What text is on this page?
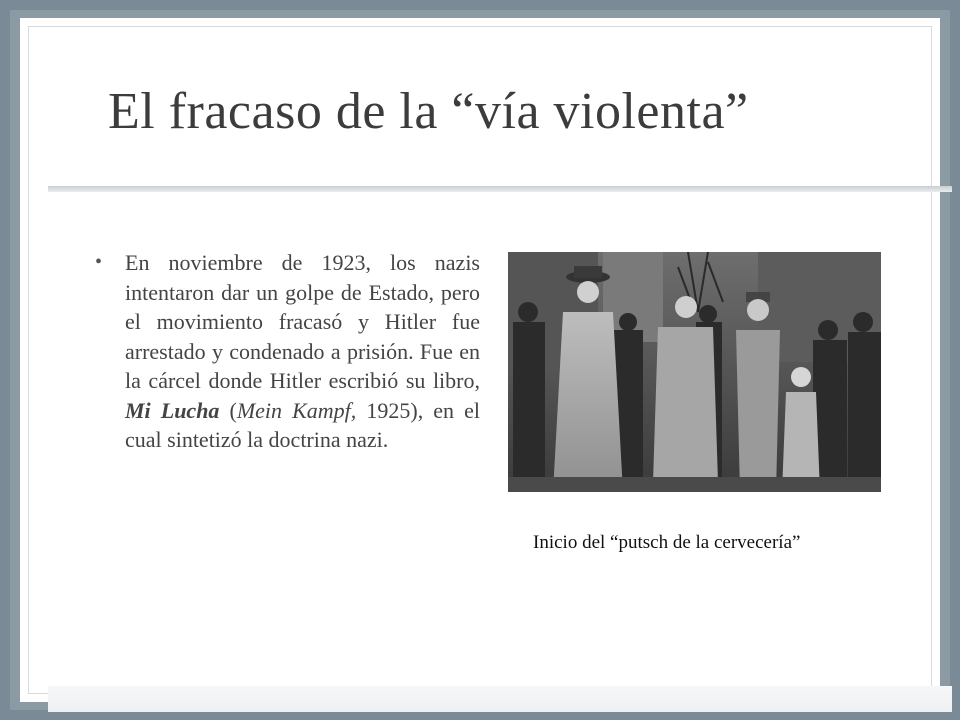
El fracaso de la “vía violenta”
• En noviembre de 1923, los nazis intentaron dar un golpe de Estado, pero el movimiento fracasó y Hitler fue arrestado y condenado a prisión. Fue en la cárcel donde Hitler escribió su libro, Mi Lucha (Mein Kampf, 1925), en el cual sintetizó la doctrina nazi.
Inicio del “putsch de la cervecería”
